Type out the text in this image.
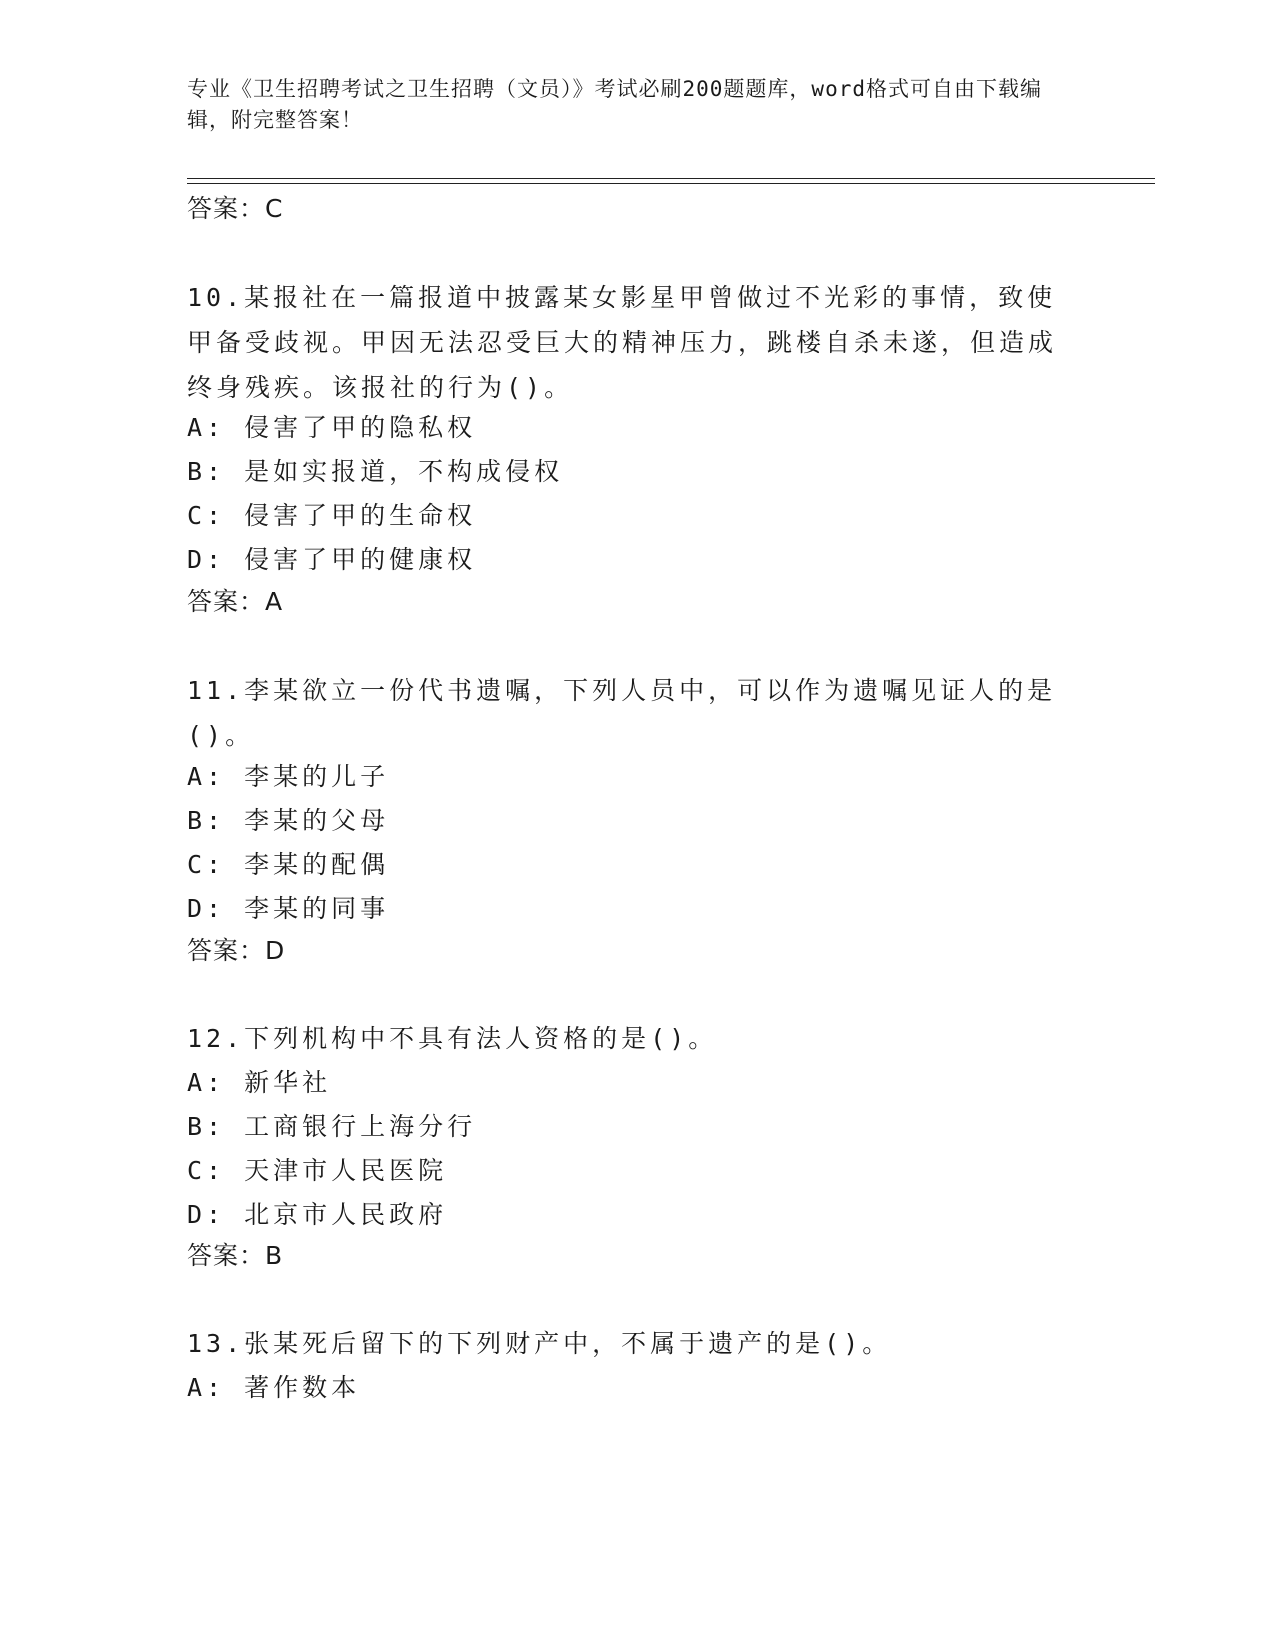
专业《卫生招聘考试之卫生招聘（文员）》考试必刷200题题库，word格式可自由下载编辑，附完整答案！
答案：C
10.某报社在一篇报道中披露某女影星甲曾做过不光彩的事情，致使甲备受歧视。甲因无法忍受巨大的精神压力，跳楼自杀未遂，但造成终身残疾。该报社的行为()。
A: 侵害了甲的隐私权
B: 是如实报道，不构成侵权
C: 侵害了甲的生命权
D: 侵害了甲的健康权
答案：A
11.李某欲立一份代书遗嘱，下列人员中，可以作为遗嘱见证人的是()。
A: 李某的儿子
B: 李某的父母
C: 李某的配偶
D: 李某的同事
答案：D
12.下列机构中不具有法人资格的是()。
A: 新华社
B: 工商银行上海分行
C: 天津市人民医院
D: 北京市人民政府
答案：B
13.张某死后留下的下列财产中，不属于遗产的是()。
A: 著作数本
